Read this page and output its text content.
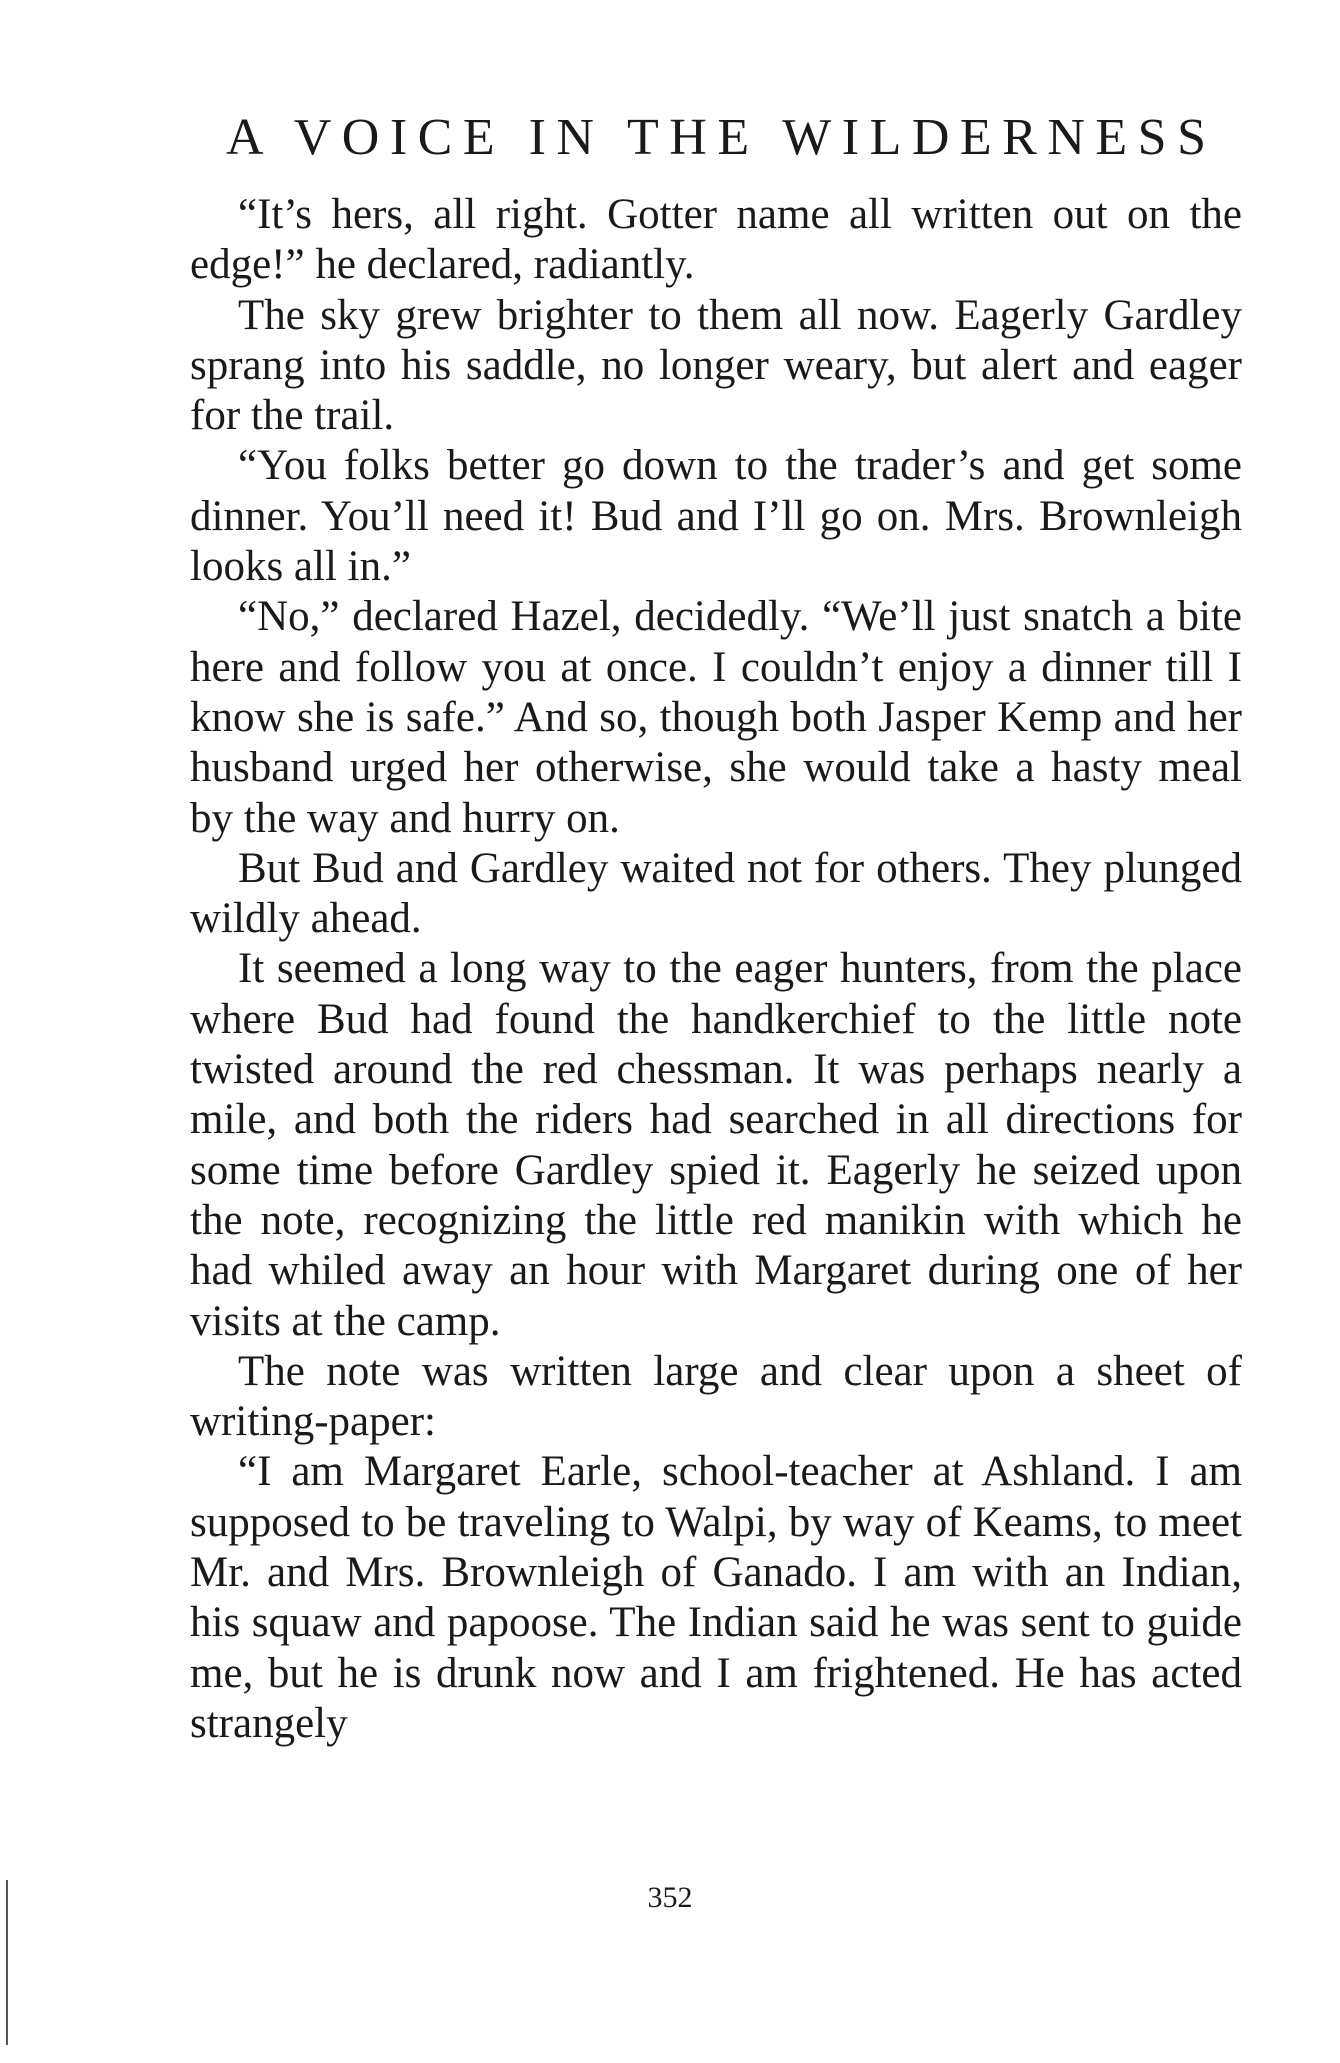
A VOICE IN THE WILDERNESS

“It’s hers, all right. Gotter name all written out on the edge!” he declared, radiantly.

The sky grew brighter to them all now. Eagerly Gardley sprang into his saddle, no longer weary, but alert and eager for the trail.

“You folks better go down to the trader’s and get some dinner. You’ll need it! Bud and I’ll go on. Mrs. Brownleigh looks all in.”

“No,” declared Hazel, decidedly. “We’ll just snatch a bite here and follow you at once. I couldn’t enjoy a dinner till I know she is safe.” And so, though both Jasper Kemp and her husband urged her otherwise, she would take a hasty meal by the way and hurry on.

But Bud and Gardley waited not for others. They plunged wildly ahead.

It seemed a long way to the eager hunters, from the place where Bud had found the handkerchief to the little note twisted around the red chessman. It was perhaps nearly a mile, and both the riders had searched in all directions for some time before Gardley spied it. Eagerly he seized upon the note, recognizing the little red manikin with which he had whiled away an hour with Margaret during one of her visits at the camp.

The note was written large and clear upon a sheet of writing-paper:

“I am Margaret Earle, school-teacher at Ashland. I am supposed to be traveling to Walpi, by way of Keams, to meet Mr. and Mrs. Brownleigh of Ganado. I am with an Indian, his squaw and papoose. The Indian said he was sent to guide me, but he is drunk now and I am frightened. He has acted strangely

352
